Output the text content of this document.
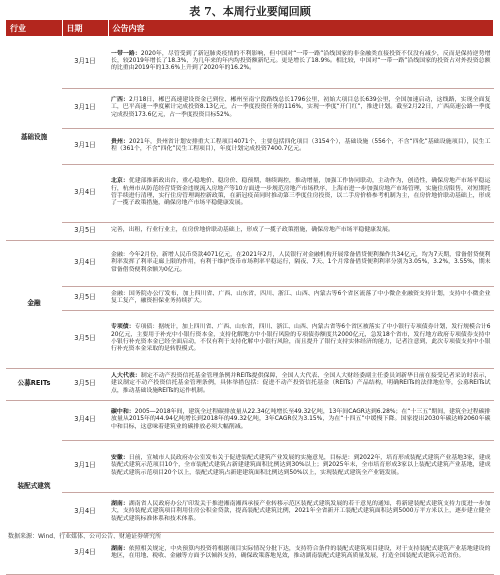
表 7、本周行业要闻回顾
行业	日期	公告内容
基础设施	3月1日	一带一路：2020年，尽管受到了新冠肺炎疫情的不利影响，但中国对“一带一路”沿线国家的非金融类直接投资不仅没有减少，反而是保持逆势增长，较2019年增长了18.3%，为几年来的年内均投资额新纪元。更是增长了18.9%。相比较，中国对“一带一路”沿线国家的投资占对外投资总额的比重由2019年的13.6%上升到了2020年的16.2%。
	3月1日	广西：2月18日，郴巴高速建设资金已到位、郴州至南宁段路线总长1796公里，初始大项目总长639公里，全国加速启动，这线路，实现全面复工，巴平高速一季度累计完成投资8.13亿元，占一季度投资任务的116%，实现一季度“开门红”，推进计划。截至2月22日，广西高速公路一季度完成投资173.6亿元，占一季度投资目标52%。
	3月1日	贵州：2021年，贵州省计划安排重大工程项目4071个，主要包括四化项目（3154个），基础设施（556个，不含“四化”基础设施项目），民生工程（361个，不含“四化”民生工程项目），年度计划完成投资7400.7亿元。
	3月4日	北京：优建部推新政出台，重心稳地价、稳房价、稳预期，继续调控，推动增量，加强工作协同联动，主动作为，创造性，确保房地产市场平稳运行，杭州市从防范经营贷资金违规流入房地产等10方面进一步规范房地产市场秩序，上海市进一步加强房地产市场管理，实施住房限售，对短期托管手续进行清理，实行住房管理调控新政策，在新冠疫苗同时推动第三季度住房投资，以二手房价格参考机制为主，在房价地价联动基础上，形成了一揽子政策措施，确保房地产市场平稳健康发展。
	3月5日	完善，出租，行业行业主，在房价地价联动基础上，形成了一揽子政策措施，确保房地产市场平稳健康发展。
金融	3月4日	金融：今年2月份，新增人民币贷款4071亿元，在2021年2月，人民银行对金融机构开展常备借贷便利操作共34亿元，均为7天期，常备借贷便利利率发挥了利率走廊上限的作用，有利于维护货币市场利率平稳运行，隔夜、7天、1个月常备借贷便利利率分别为3.05%，3.2%，3.55%，期末常备借贷便利余额为0亿元。
	3月5日	金融：国务院办公厅发布，加上四川省、广西、山东省，四川、浙江、山西、内蒙古等6个省区流落了中小微企业融资支持计划，支持中小微企业复工复产，融资担保业务持续扩大。
	3月5日	专项债：专项债：据统计，加上四川省、广西、山东省，四川、浙江、山西、内蒙古省等6个省区被落实了中小银行专项债券计划，发行规模合计620亿元，主要用于补充中小银行资本金，支持化解地方中小银行风险的专项债券额度共2000亿元，急发18个省市，发行地方政府专项债券支持中小银行补充资本金已经全面启动，不仅有利于支持化解中小银行风险，而且提升了银行支持实体经济的能力，记者注意到，此次专项债支持中小银行补充资本金采取的是转股模式。
公募REITs	3月5日	人大代表：制定不动产投资信托基金管理条例并REITs提供保障，全国人大代表、全国人大财经委副主任委员刘新华日前在接受记者采访时表示，建议制定不动产投资信托基金管理条例，具体举措包括：促进不动产投资信托基金（REITs）产品结构，明确REITs的法律地位等，公募REITs试点，推动基础设施REITs的运作机制。
装配式建筑	3月4日	碳中和：2005—2018年间，建筑全过程碳排放量从22.34亿吨增长至49.32亿吨，13年间CAGR达到6.28%；在“十三五”期间，建筑全过程碳排放量从2015年的44.94亿吨增长到2018年的49.32亿吨，3年CAGR仅为3.15%，为在“十四五”中缓慢下降。国家提出2030年碳达峰2060年碳中和目标，这意味着建筑业的碳排放必须大幅削减。
	3月1日	安徽：日前，宣城市人民政府办公室发布关于促进装配式建筑产业发展的实施意见，目标是：到2022年，培育形成装配式建筑产业基地3家，建成装配式建筑示范项目10个，全市装配式建筑占新建建筑面积比例达到30%以上；到2025年末，全市培育形成3家以上装配式建筑产业基地，建成装配式建筑示范项目20个以上，装配式建筑占新建建筑面积比例达到50%以上，实现装配式建筑全产业链发展。
	3月4日	湖南：湖南省人民政府办公厅印发关于推进湘南湘西承接产业转移示范区装配式建筑发展的若干意见的通知，将新建装配式建筑支持力度进一步加大，支持装配式建筑项目利用住房公积金贷款，提高装配式建筑比例，2021年全省新开工装配式建筑面积达到5000万平方米以上，逐步建立健全装配式建筑标准体系和技术体系。
	3月4日	湖南：依照相关规定，中央预算内投资将根据项目实际情况分批下达，支持符合条件的装配式建筑项目建设，对于支持装配式建筑产业基地建设的地区，在用地、税收、金融等方面予以倾斜支持，确保政策落地见效，推动湖南装配式建筑高质量发展，打造全国装配式建筑示范省份。
数据来源：Wind、行业媒体、公司公告、财通证券研究所
